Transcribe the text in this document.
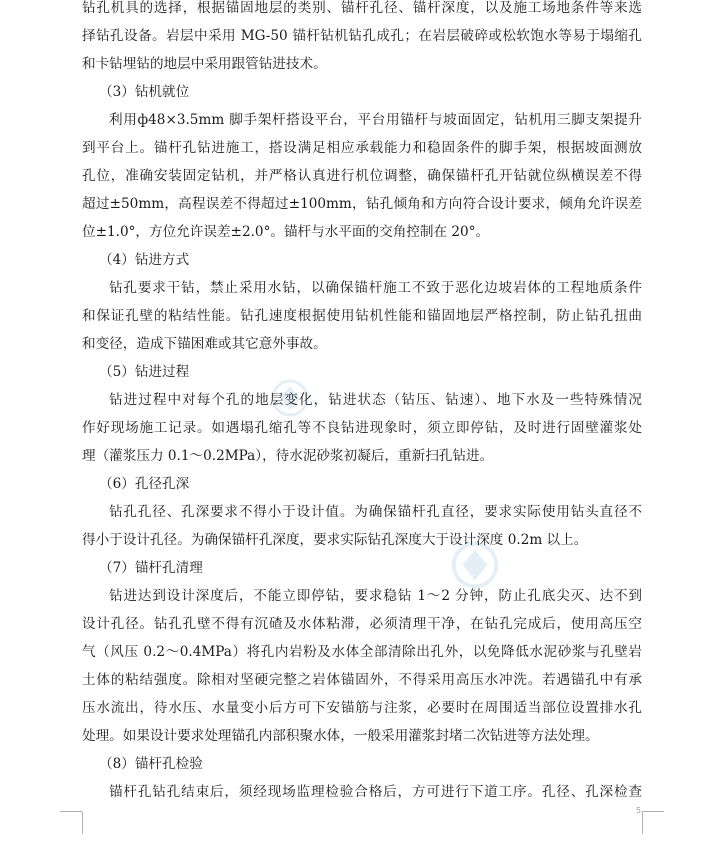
钻孔机具的选择，根据锚固地层的类别、锚杆孔径、锚杆深度，以及施工场地条件等来选
择钻孔设备。岩层中采用 MG-50 锚杆钻机钻孔成孔；在岩层破碎或松软饱水等易于塌缩孔
和卡钻埋钻的地层中采用跟管钻进技术。
（3）钻机就位
利用ф48×3.5mm 脚手架杆搭设平台，平台用锚杆与坡面固定，钻机用三脚支架提升
到平台上。锚杆孔钻进施工，搭设满足相应承载能力和稳固条件的脚手架，根据坡面测放
孔位，准确安装固定钻机，并严格认真进行机位调整，确保锚杆孔开钻就位纵横误差不得
超过±50mm，高程误差不得超过±100mm，钻孔倾角和方向符合设计要求，倾角允许误差
位±1.0°，方位允许误差±2.0°。锚杆与水平面的交角控制在 20°。
（4）钻进方式
钻孔要求干钻，禁止采用水钻，以确保锚杆施工不致于恶化边坡岩体的工程地质条件
和保证孔壁的粘结性能。钻孔速度根据使用钻机性能和锚固地层严格控制，防止钻孔扭曲
和变径，造成下锚困难或其它意外事故。
（5）钻进过程
钻进过程中对每个孔的地层变化，钻进状态（钻压、钻速）、地下水及一些特殊情况
作好现场施工记录。如遇塌孔缩孔等不良钻进现象时，须立即停钻，及时进行固壁灌浆处
理（灌浆压力 0.1～0.2MPa），待水泥砂浆初凝后，重新扫孔钻进。
（6）孔径孔深
钻孔孔径、孔深要求不得小于设计值。为确保锚杆孔直径，要求实际使用钻头直径不
得小于设计孔径。为确保锚杆孔深度，要求实际钻孔深度大于设计深度 0.2m 以上。
（7）锚杆孔清理
钻进达到设计深度后，不能立即停钻，要求稳钻 1～2 分钟，防止孔底尖灭、达不到
设计孔径。钻孔孔壁不得有沉碴及水体粘滞，必须清理干净，在钻孔完成后，使用高压空
气（风压 0.2～0.4MPa）将孔内岩粉及水体全部清除出孔外，以免降低水泥砂浆与孔壁岩
土体的粘结强度。除相对坚硬完整之岩体锚固外，不得采用高压水冲洗。若遇锚孔中有承
压水流出，待水压、水量变小后方可下安锚筋与注浆，必要时在周围适当部位设置排水孔
处理。如果设计要求处理锚孔内部积聚水体，一般采用灌浆封堵二次钻进等方法处理。
（8）锚杆孔检验
锚杆孔钻孔结束后，须经现场监理检验合格后，方可进行下道工序。孔径、孔深检查
5
